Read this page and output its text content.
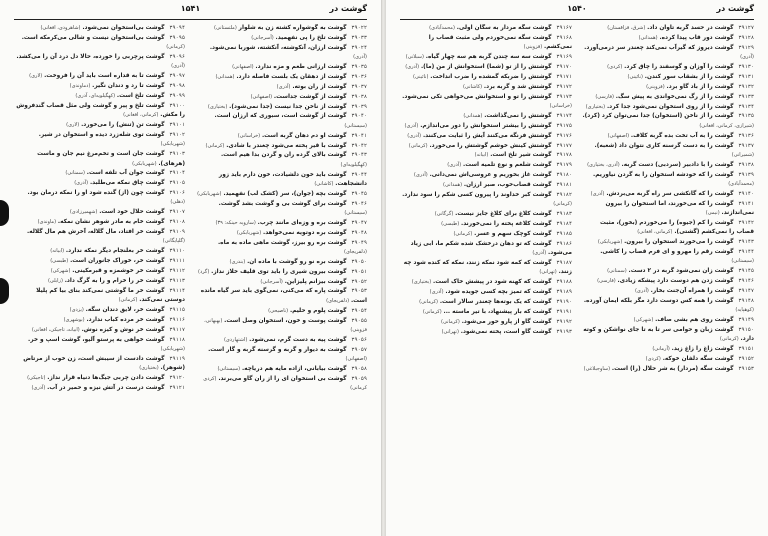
گوشت در
۱۵۴۱
۳۹۰۲۲ گوشت به گوشواره کشته زن به شلوار (ملتستانی)
۳۹۰۳۳ گوشت تلخ را پی نفهمید. (آسرجانی)
۳۹۰۲۴ گوشت ارزان، آنکوشته، آنکشته، شوربا نمی‌شود. (آذری)
۳۹۰۳۵ گوشت ارزانی طعم و مزه ندارد. (اصفهانی)
۳۹۰۳۶ گوشت از دهقان یک بلست فاصله دارد. (همدانی)
۳۹۰۳۷ گوشت از ران بوته. (آذری)
۳۹۰۳۸ گوشت از گوشت جداست. (اصفهانی)
۳۹۰۳۹ گوشت از ناخن جدا نیست (جدا نمی‌شود). (بختیاری)
۳۹۰۴۰ گوشت از گوشت است، سبوری که ارزان است. (سیستانی)
۳۹۰۴۱ گوشت او دم دهان گربه است. (خراسانی)
۳۹۰۴۲ گوشت با قیر پخته می‌شود چغندر با شادی. (کرمانی)
۳۹۰۴۳ گوشت بالای گرده ران و گردن بدا هیم است. (کهگیلویه‌ای)
۳۹۰۴۴ گوشت باید خون دلشیادت، خون دارم باید زور دانشجاهت. (کاشانی)
۳۹۰۴۵ گوشت بچه (جوان)، سر (کشک لب) نفهمید. (شهربابکی)
۳۹۰۴۶ گوشت برای گوشت بی و گوشت بشد گوشت. (سیستانی)
۳۹۰۴۷ گوشت بره و وزه‌ای مانند چرب. (سارویه حینکه: ۳۹)
۳۹۰۴۸ گوشت بره دوتویه نمی‌خواهد. (شهربابکی)
۳۹۰۴۹ گوشت بره رو بیرز، گوشت ماهی ماده به ماه. (دلفریجای)
۳۹۰۵۰ گوشت بره نو رو گوشت با ماده ان. (بندری)
۳۹۰۵۱ گوشت بیرون شیری را باید توی قلیف خلاز نداز. (گرد)
۳۹۰۵۲ گوشت بیزانم پلیزاین. (آسرجانی)
۳۹۰۵۳ گوشت پاره که می‌کنی، نمی‌گوی باید سر گیاه مانده است. (دلفریجای)
۳۹۰۵۴ گوشت پلوم و حلیم. (ناصیحی)
۳۹۰۵۵ گوشت پوست و خون، استخوان وصل است. (بهبهانی، فزوینی)
۳۹۰۵۶ گوشت پیه به دست گرم، نمی‌شود. (اشتهاردی)
۳۹۰۵۷ گوشت به دیوار و گربه و گرسنه گربه و گار است. (اصفهانی)
۳۹۰۵۸ گوشت بیابانی، ازاده مایه هم دریاچه. (سیستانی)
۳۹۰۵۹ گوشت بی استخوان ای را از ران گاو می‌برند. (کردی کرمانی)
۳۹۰۹۴ گوشت بی‌استخوان نمی‌شود. (شاهرودی، افغانی)
۳۹۰۹۵ گوشت بی‌استخوان نیست و شالی می‌کرمکه است. (کرمانی)
۳۹۰۹۶ گوشت پرچربی را خورده، حالا دل درد آن را می‌کشد. (آذری)
۳۹۰۹۷ گوشت تا به قداره است باید آن را فروخت. (لاری)
۳۹۰۹۸ گوشت تا رد و دندان نگیر. (دماوندی)
۳۹۰۹۹ گوشت تلخ است. (کهگیلویه‌ای، آذری)
۳۹۱۰۰ گوشت تلخ و پیر و گوشت ولی مثل قصاب گندفروش را مکش. (کرمانی، افغانی)
۳۹۱۰۱ گوشت تن (تنش) را می‌خورد. (لاری)
۳۹۱۰۲ گوشت توی شله‌زرد دیده و استخوان در شیر. (شهربابکی)
۳۹۱۰۳ گوشت جان است و تخم‌مرغ نیم جان و ماست (هرهای). (شهربابکی)
۳۹۱۰۴ گوشت جوان آب تلفه است. (سمنانی)
۳۹۱۰۵ گوشت چاق نمکه می‌طلبد. (آذری)
۳۹۱۰۶ گوشت چون (از) گنده شود او را نمکه درمان بود. (دهلی)
۳۹۱۰۷ گوشت حلال خود است. (شهمیرزادی)
۳۹۱۰۸ گوشت خام به مادر شوهر نشان نمکه. (ماوندی)
۳۹۱۰۹ گوشت خر افتاد، مال گلاله، آخرش هم مال گلاله. (گلپایگانی)
۳۹۱۱۰ گوشت خر بعلنجام دیگر نمکه ندارد. (ابیانه)
۳۹۱۱۱ گوشت خر، خوراک جانوران است. (طبسی)
۳۹۱۱۲ گوشت خر خوشمزه و قبرمکینی. (شهرکی)
۳۹۱۱۳ گوشت خر را خرام و را به گرگ داد. (زابلی)
۳۹۱۱۴ گوشت خر ما گوشتی نمی‌کند بنای بیا کم پلیلا دوستی نمی‌کند. (کرمانی)
۳۹۱۱۵ گوشت خر، لایق دندان سگه. (یزدی)
۳۹۱۱۶ گوشت خر مرده کباب ندارد. (بوشهری)
۳۹۱۱۷ گوشت خر نوش و کیزه نوش. (ابیانه، تاجیکی، افغانی)
۳۹۱۱۸ گوشت خواهی به پرستو آلیو، گوشت اسپ و خر. (شهربابکی)
۳۹۱۱۹ گوشت دادست از سیبش است، زن خوب از مرتاض (شوهر). (بختیاری)
۳۹۱۲۰ گوشت دادن چربی جیگ‌ها دنیاه قرار نداز. (تاجیکی)
۳۹۱۲۱ گوشت درست در آتش نیزه و حمیر در آب. (آذری)
گوشت در
۱۵۴۰
۳۹۱۲۷ گوشت در حسد گربه تاوان داد. (شرق، قزاقستان)
۳۹۱۲۸ گوشت دور قاب پیدا کرده. (همدانی)
۳۹۱۲۹ گوشت دیروز که گیرآب نمی‌کند چغندر سر درمی‌آورد. (آذری)
۳۹۱۳۰ گوشت را آوزان و گوسفند را چاق کرد. (کردی)
۳۹۱۳۱ گوشت را از بشقاب سور کندن. (نائینی)
۳۹۱۳۲ گوشت را از باد گاو برد. (فزوینی)
۳۹۱۳۳ گوشت را از رگ نمی‌خواندی به پیش سگ. (فارسی)
۳۹۱۳۴ گوشت را از روی استخوان نمی‌شود جدا کرد. (بختیاری)
۳۹۱۳۵ گوشت را از ناخن (استخوان) جدا نمی‌توان کرد (کرد). (شیرازی، کرمانی، افغانی)
۳۹۱۳۶ گوشت را به آب تخت بده گربه کلاف. (اصفهانی)
۳۹۱۳۷ گوشت را به دست گرسنه کاری نتوان داد (شعبه). (شمیرانی)
۳۹۱۳۸ گوشت را با دادبیر (سردبی) دست گربه. (آذری، بختیاری)
۳۹۱۳۹ گوشت را که خودشه استخوان را به گردن نیاوریم. (محمدآبادی)
۳۹۱۴۰ گوشت را که گانکشی سر راه گربه می‌بردش. (آذری)
۳۹۱۴۱ گوشت را که می‌خورند، اما استخوان را بیرون نمی‌اندازند. (نیمی)
۳۹۱۴۲ گوشت را کم (جیوه) را می‌خوردم (بخور)، مثبت قصاب را نمی‌کشم (گشتی). (کرمانی، افغانی)
۳۹۱۴۳ گوشت را می‌خورند استخوان را بیرون. (شهربابکی)
۳۹۱۴۴ گوشت رقم را مهرو و ای فرم قصاب را کاشی. (سیستانی)
۳۹۱۴۵ گوشت زان نمی‌شود گربه در ۲ دست. (سمنانی)
۳۹۱۴۶ گوشت زدن هم دوست دارد پیشکه زیادی. (فارسی)
۳۹۱۴۷ گوشت را همراه آن‌جنت بخار. (آذری)
۳۹۱۴۸ گوشت را همه کس دوست دارد مگر بلکه ایمان آورده. (کوهپایه)
۳۹۱۴۹ گوشت روی هم بشی صاف. (شهرکی)
۳۹۱۵۰ گوشت زبان و حوامی سر تا به تا جای نواشکن و کوته دارد. (کرمانی)
۳۹۱۵۱ گوشت زاغ را زاغ زید. (آرمانی)
۳۹۱۵۲ گوشت سگه دلفان خوکه. (کردی)
۳۹۱۵۳ گوشت سگه (مردار) به شر حلال (را) است. (ساوجبلاغی)
۳۹۱۶۷ گوشت سگه مردار به سگان اولی. (محمدآبادی)
۳۹۱۶۸ گوشت سگه نمی‌خوردم ولی مثبت قصاب را نمی‌کشم. (قزوینی)
۳۹۱۶۹ گوشت سه سه چندن گربه هم سه چهار گیاه. (سبلانی)
۳۹۱۷۰ گوشتش را از تو (شما) استخوانش از من (ما). (آذری)
۳۹۱۷۱ گوشتش را ضربکه گمشده را ضرب انداخت. (نائینی)
۳۹۱۷۲ گوشتش شد و گربه برد. (کاشانی)
۳۹۱۷۳ گوشتش را تو و استخوانش می‌خواهی تکی نمی‌شود. (خراسانی)
۳۹۱۷۴ گوشتش را نمی‌گذاشت. (همدانی)
۳۹۱۷۵ گوشتش را بیشتر استخوانش را دور می‌اندازم. (آذری)
۳۹۱۷۶ گوشتش فرنگه می‌کنند آیش را ثبایت می‌کنند. (آذری)
۳۹۱۷۷ گوشتش کینش خوشم گوشتش را می‌خورد. (کرمانی)
۳۹۱۷۸ گوشت شیر تلخ است. (ابیانه)
۳۹۱۷۹ گوشت شلغم و نوع تلمیه است. (آذری)
۳۹۱۸۰ گوشت غاز بخوریم و عروسی‌اش نمی‌دانی. (آذری)
۳۹۱۸۱ گوشت قصاب‌خوب، صبر ارزان. (همدانی)
۳۹۱۸۲ گوشت کبر خداوند را پیرون کسی شکم را سود ندارد. (کرمانی)
۳۹۱۸۳ گوشت کلاغ برای کلاغ جایز نیست. (گرگانی)
۳۹۱۸۴ گوشت کلاغه پخته را نمی‌خورند. (طبسی)
۳۹۱۸۵ گوشت کوچک سهم و عسر. (کرمانی)
۳۹۱۸۶ گوشت که تو دهان درخشک شده شکم ما، ابی زیاد می‌شود. (آذری)
۳۹۱۸۷ گوشت که کمه شود نمکه زنند، نمکه که کنده شود چه زنند. (تهرانی)
۳۹۱۸۸ گوشت که کهنه شود در پیشش خاک است. (بختیاری)
۳۹۱۸۹ گوشت که تمیز بچه کسی جویده شود. (آذری)
۳۹۱۹۰ گوشت که یک بوته‌ها چغندر سالار است. (کرمانی)
۳۹۱۹۱ گوشت که بار پیشنهاد، با تیر ماسته ... (کرمانی)
۳۹۱۹۲ گوشت گاو از پارو حور می‌شود. (کرمانی)
۳۹۱۹۳ گوشت گاو است، پخته نمی‌شود. (تهرانی)
